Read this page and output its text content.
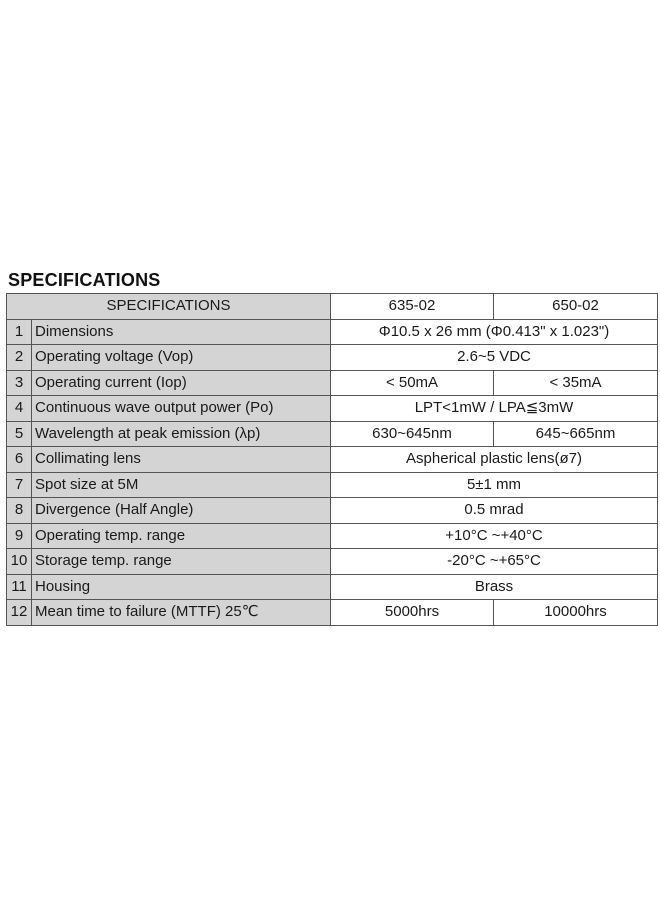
SPECIFICATIONS
SPECIFICATIONS		635-02	650-02
1	Dimensions	Φ10.5 x 26 mm (Φ0.413" x 1.023")	
2	Operating voltage (Vop)	2.6~5 VDC	
3	Operating current (Iop)	< 50mA	< 35mA
4	Continuous wave output power (Po)	LPT<1mW / LPA≦3mW	
5	Wavelength at peak emission (λp)	630~645nm	645~665nm
6	Collimating lens	Aspherical plastic lens(ø7)	
7	Spot size at 5M	5±1 mm	
8	Divergence (Half Angle)	0.5 mrad	
9	Operating temp. range	+10°C ~+40°C	
10	Storage temp. range	-20°C ~+65°C	
11	Housing	Brass	
12	Mean time to failure (MTTF) 25℃	5000hrs	10000hrs
